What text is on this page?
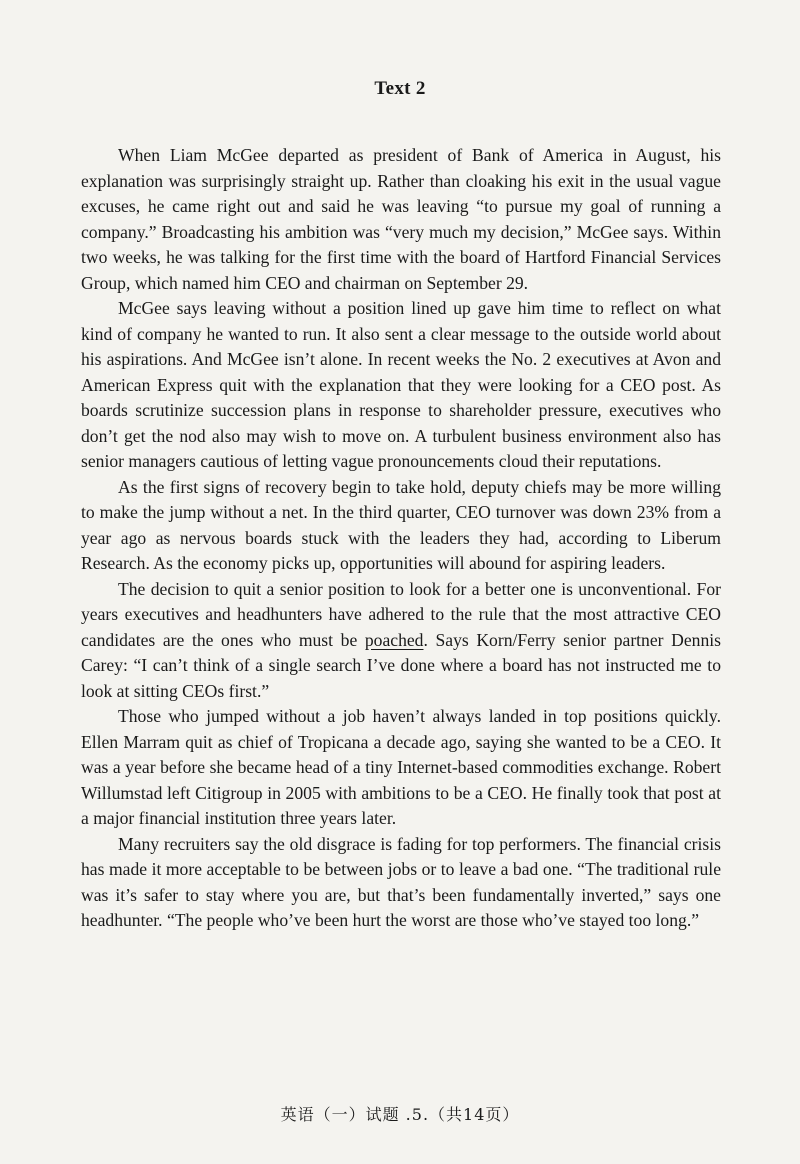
Text 2

When Liam McGee departed as president of Bank of America in August, his explanation was surprisingly straight up. Rather than cloaking his exit in the usual vague excuses, he came right out and said he was leaving “to pursue my goal of running a company.” Broadcasting his ambition was “very much my decision,” McGee says. Within two weeks, he was talking for the first time with the board of Hartford Financial Services Group, which named him CEO and chairman on September 29.

McGee says leaving without a position lined up gave him time to reflect on what kind of company he wanted to run. It also sent a clear message to the outside world about his aspirations. And McGee isn’t alone. In recent weeks the No. 2 executives at Avon and American Express quit with the explanation that they were looking for a CEO post. As boards scrutinize succession plans in response to shareholder pressure, executives who don’t get the nod also may wish to move on. A turbulent business environment also has senior managers cautious of letting vague pronouncements cloud their reputations.

As the first signs of recovery begin to take hold, deputy chiefs may be more willing to make the jump without a net. In the third quarter, CEO turnover was down 23% from a year ago as nervous boards stuck with the leaders they had, according to Liberum Research. As the economy picks up, opportunities will abound for aspiring leaders.

The decision to quit a senior position to look for a better one is unconventional. For years executives and headhunters have adhered to the rule that the most attractive CEO candidates are the ones who must be poached. Says Korn/Ferry senior partner Dennis Carey: “I can’t think of a single search I’ve done where a board has not instructed me to look at sitting CEOs first.”

Those who jumped without a job haven’t always landed in top positions quickly. Ellen Marram quit as chief of Tropicana a decade ago, saying she wanted to be a CEO. It was a year before she became head of a tiny Internet-based commodities exchange. Robert Willumstad left Citigroup in 2005 with ambitions to be a CEO. He finally took that post at a major financial institution three years later.

Many recruiters say the old disgrace is fading for top performers. The financial crisis has made it more acceptable to be between jobs or to leave a bad one. “The traditional rule was it’s safer to stay where you are, but that’s been fundamentally inverted,” says one headhunter. “The people who’ve been hurt the worst are those who’ve stayed too long.”

英语（一）试题 .5.（共14页）
